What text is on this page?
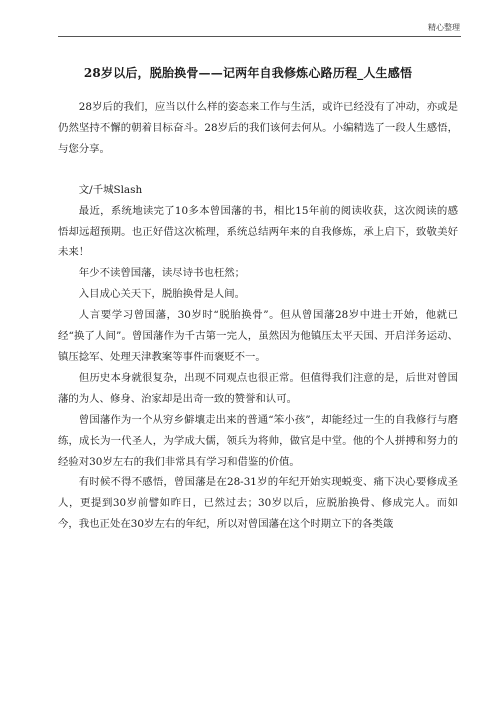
精心整理
28岁以后，脱胎换骨——记两年自我修炼心路历程_人生感悟

28岁后的我们，应当以什么样的姿态来工作与生活，或许已经没有了冲动，亦或是仍然坚持不懈的朝着目标奋斗。28岁后的我们该何去何从。小编精选了一段人生感悟，与您分享。

文/千城Slash

最近，系统地读完了10多本曾国藩的书，相比15年前的阅读收获，这次阅读的感悟却远超预期。也正好借这次梳理，系统总结两年来的自我修炼，承上启下，致敬美好未来！

年少不读曾国藩，读尽诗书也枉然；

入目成心关天下，脱胎换骨是人间。

人言要学习曾国藩，30岁时“脱胎换骨”。但从曾国藩28岁中进士开始，他就已经“换了人间”。曾国藩作为千古第一完人，虽然因为他镇压太平天国、开启洋务运动、镇压捻军、处理天津教案等事件而褒贬不一。

但历史本身就很复杂，出现不同观点也很正常。但值得我们注意的是，后世对曾国藩的为人、修身、治家却是出奇一致的赞誉和认可。

曾国藩作为一个从穷乡僻壤走出来的普通“笨小孩”，却能经过一生的自我修行与磨练，成长为一代圣人，为学成大儒，领兵为将帅，做官是中堂。他的个人拼搏和努力的经验对30岁左右的我们非常具有学习和借鉴的价值。

有时候不得不感悟，曾国藩是在28-31岁的年纪开始实现蜕变、痛下决心要修成圣人，更提到30岁前譬如昨日，已然过去；30岁以后，应脱胎换骨、修成完人。而如今，我也正处在30岁左右的年纪，所以对曾国藩在这个时期立下的各类箴
